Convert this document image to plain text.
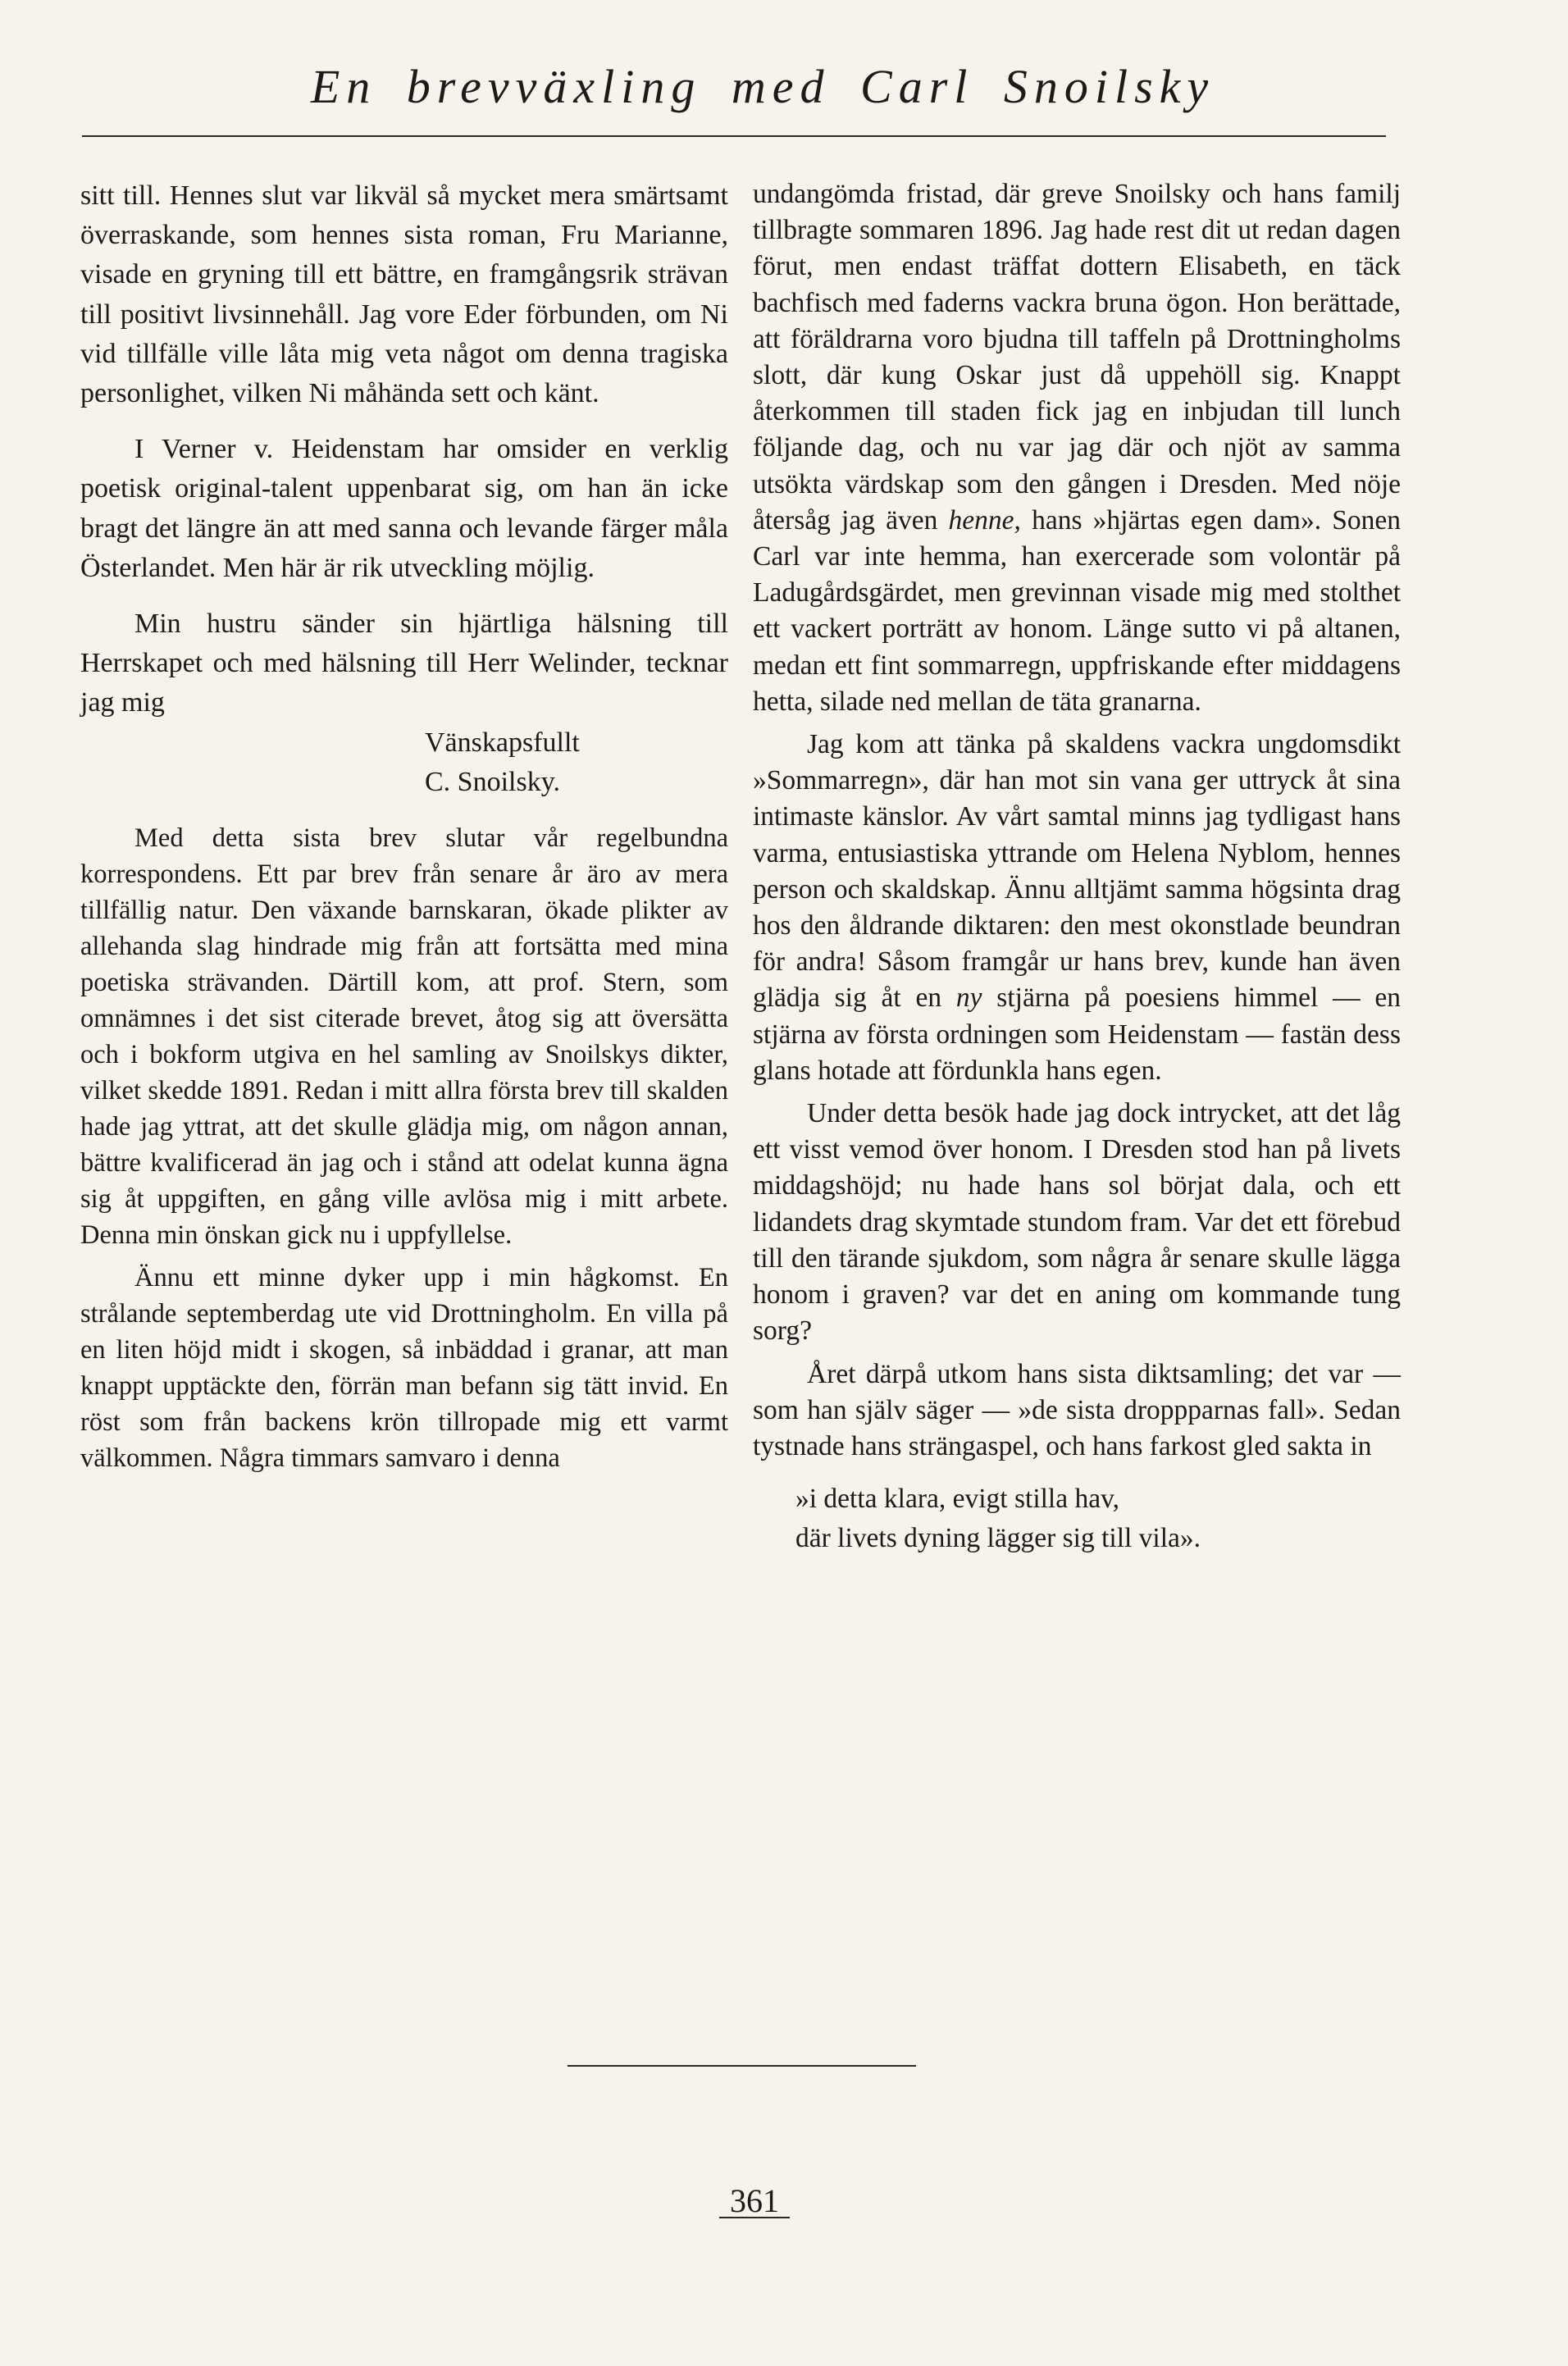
En brevväxling med Carl Snoilsky

sitt till. Hennes slut var likväl så mycket mera smärtsamt överraskande, som hennes sista roman, Fru Marianne, visade en gryning till ett bättre, en framgångsrik strävan till positivt livsinnehåll. Jag vore Eder förbunden, om Ni vid tillfälle ville låta mig veta något om denna tragiska personlighet, vilken Ni måhända sett och känt.

I Verner v. Heidenstam har omsider en verklig poetisk original-talent uppenbarat sig, om han än icke bragt det längre än att med sanna och levande färger måla Österlandet. Men här är rik utveckling möjlig.

Min hustru sänder sin hjärtliga hälsning till Herrskapet och med hälsning till Herr Welinder, tecknar jag mig

Vänskapsfullt

C. Snoilsky.

Med detta sista brev slutar vår regelbundna korrespondens. Ett par brev från senare år äro av mera tillfällig natur. Den växande barnskaran, ökade plikter av allehanda slag hindrade mig från att fortsätta med mina poetiska strävanden. Därtill kom, att prof. Stern, som omnämnes i det sist citerade brevet, åtog sig att översätta och i bokform utgiva en hel samling av Snoilskys dikter, vilket skedde 1891. Redan i mitt allra första brev till skalden hade jag yttrat, att det skulle glädja mig, om någon annan, bättre kvalificerad än jag och i stånd att odelat kunna ägna sig åt uppgiften, en gång ville avlösa mig i mitt arbete. Denna min önskan gick nu i uppfyllelse.

Ännu ett minne dyker upp i min hågkomst. En strålande septemberdag ute vid Drottningholm. En villa på en liten höjd midt i skogen, så inbäddad i granar, att man knappt upptäckte den, förrän man befann sig tätt invid. En röst som från backens krön tillropade mig ett varmt välkommen. Några timmars samvaro i denna

undangömda fristad, där greve Snoilsky och hans familj tillbragte sommaren 1896. Jag hade rest dit ut redan dagen förut, men endast träffat dottern Elisabeth, en täck bachfisch med faderns vackra bruna ögon. Hon berättade, att föräldrarna voro bjudna till taffeln på Drottningholms slott, där kung Oskar just då uppehöll sig. Knappt återkommen till staden fick jag en inbjudan till lunch följande dag, och nu var jag där och njöt av samma utsökta värdskap som den gången i Dresden. Med nöje återsåg jag även henne, hans »hjärtas egen dam». Sonen Carl var inte hemma, han exercerade som volontär på Ladugårdsgärdet, men grevinnan visade mig med stolthet ett vackert porträtt av honom. Länge sutto vi på altanen, medan ett fint sommarregn, uppfriskande efter middagens hetta, silade ned mellan de täta granarna.

Jag kom att tänka på skaldens vackra ungdomsdikt »Sommarregn», där han mot sin vana ger uttryck åt sina intimaste känslor. Av vårt samtal minns jag tydligast hans varma, entusiastiska yttrande om Helena Nyblom, hennes person och skaldskap. Ännu alltjämt samma högsinta drag hos den åldrande diktaren: den mest okonstlade beundran för andra! Såsom framgår ur hans brev, kunde han även glädja sig åt en ny stjärna på poesiens himmel — en stjärna av första ordningen som Heidenstam — fastän dess glans hotade att fördunkla hans egen.

Under detta besök hade jag dock intrycket, att det låg ett visst vemod över honom. I Dresden stod han på livets middagshöjd; nu hade hans sol börjat dala, och ett lidandets drag skymtade stundom fram. Var det ett förebud till den tärande sjukdom, som några år senare skulle lägga honom i graven? var det en aning om kommande tung sorg?

Året därpå utkom hans sista diktsamling; det var — som han själv säger — »de sista droppparnas fall». Sedan tystnade hans strängaspel, och hans farkost gled sakta in

»i detta klara, evigt stilla hav,

där livets dyning lägger sig till vila».

361
